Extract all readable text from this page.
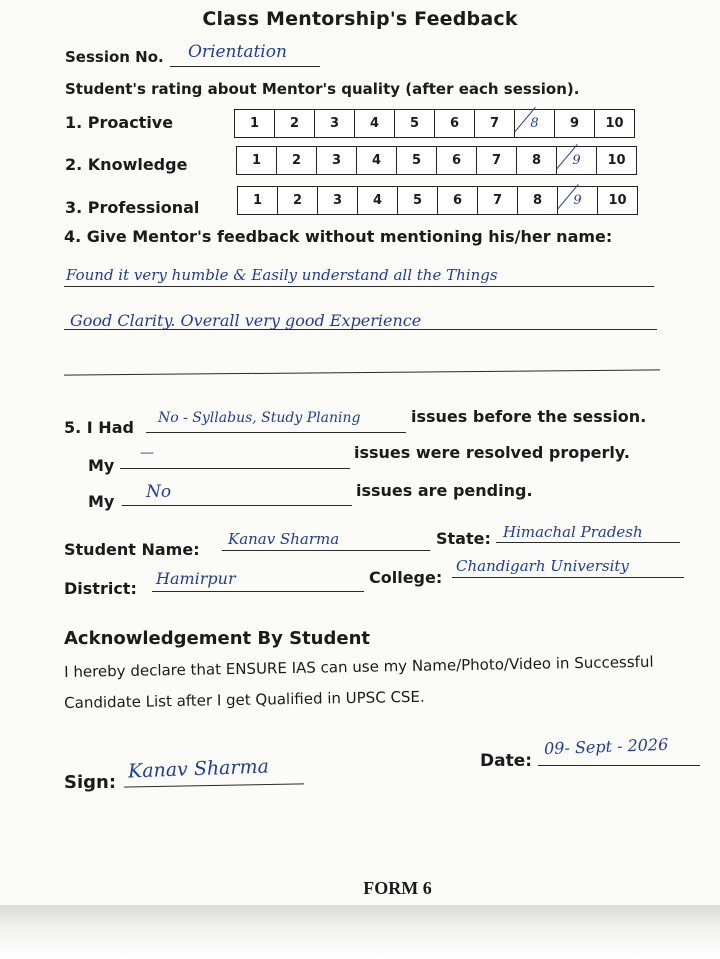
Class Mentorship's Feedback
Session No. Orientation
Student's rating about Mentor's quality (after each session).
1. Proactive	1	2	3	4	5	6	7	8	9	10
2. Knowledge	1	2	3	4	5	6	7	8	9	10
3. Professional	1	2	3	4	5	6	7	8	9	10
4. Give Mentor's feedback without mentioning his/her name:
Found it very humble & Easily understand all the Things
Good Clarity. Overall very good Experience
5. I Had No - Syllabus, Study Planing	issues before the session.
My
—	issues were resolved properly.
My No	issues are pending.
Student Name:
Kanav Sharma	State: Himachal Pradesh
District:
Hamirpur	College:
Chandigarh University
Acknowledgement By Student
I hereby declare that ENSURE IAS can use my Name/Photo/Video in Successful
Candidate List after I get Qualified in UPSC CSE.
Sign:
Kanav Sharma	Date:
09- Sept - 2026
FORM 6
